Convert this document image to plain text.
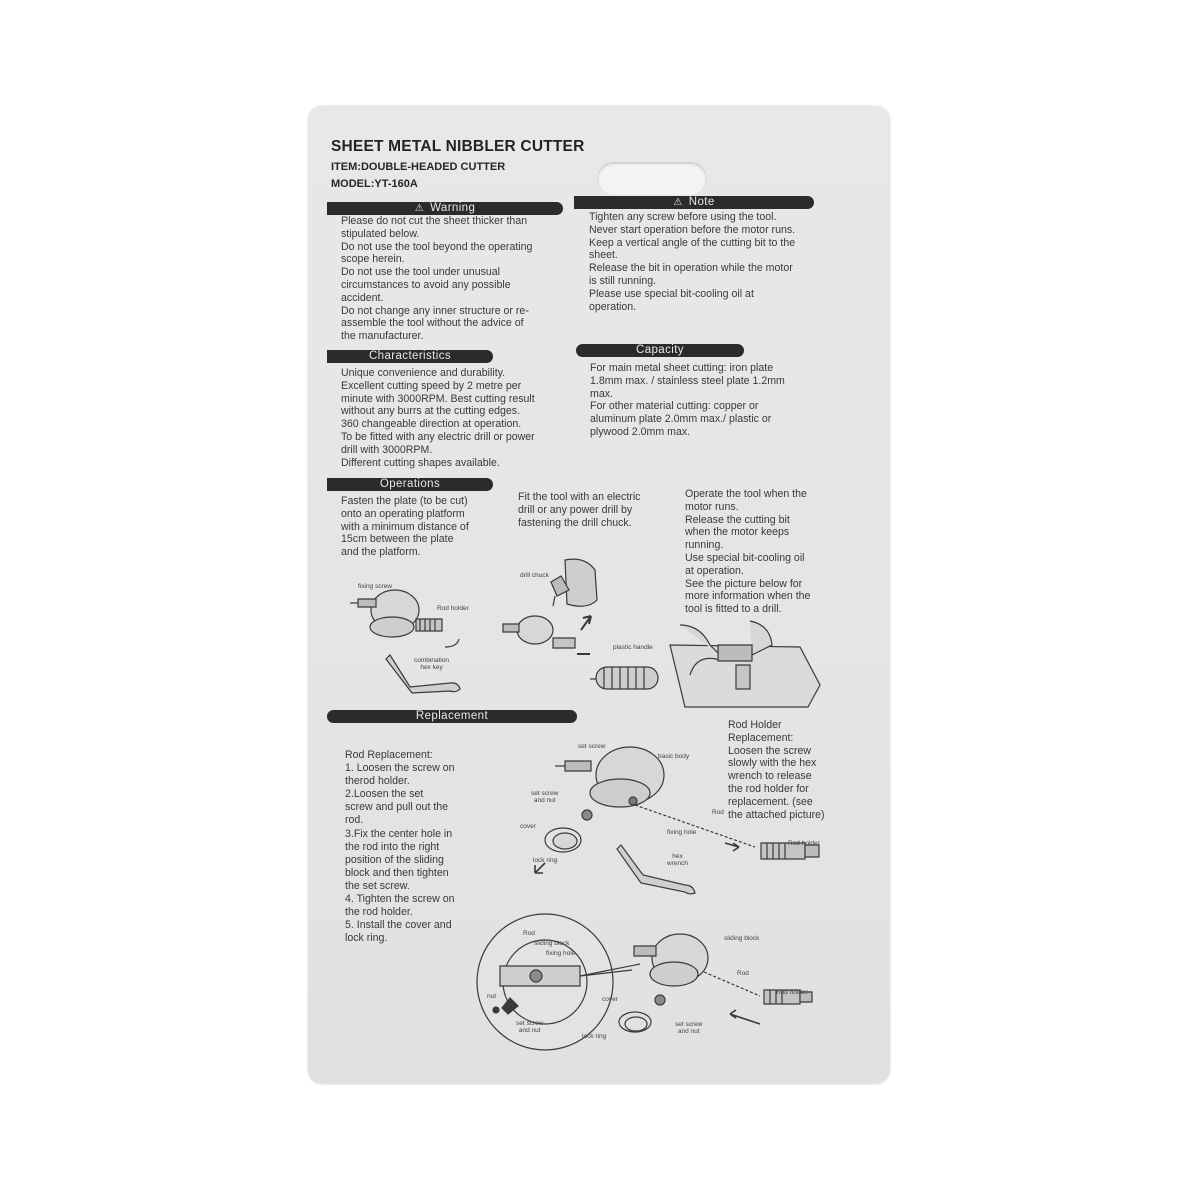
SHEET METAL NIBBLER CUTTER

ITEM:DOUBLE-HEADED CUTTER

MODEL:YT-160A

⚠ Warning

Please do not cut the sheet thicker than
stipulated below.
Do not use the tool beyond the operating
scope herein.
Do not use the tool under unusual
circumstances to avoid any possible
accident.
Do not change any inner structure or re-
assemble the tool without the advice of
the manufacturer.

⚠ Note

Tighten any screw before using the tool.
Never start operation before the motor runs.
Keep a vertical angle of the cutting bit to the
sheet.
Release the bit in operation while the motor
is still running.
Please use special bit-cooling oil at
operation.

Characteristics

Unique convenience and durability.
Excellent cutting speed by 2 metre per
minute with 3000RPM. Best cutting result
without any burrs at the cutting edges.
360 changeable direction at operation.
To be fitted with any electric drill or power
drill with 3000RPM.
Different cutting shapes available.

Capacity

For main metal sheet cutting: iron plate
1.8mm max. / stainless steel plate 1.2mm
max.
For other material cutting: copper or
aluminum plate 2.0mm max./ plastic or
plywood 2.0mm max.

Operations

Fasten the plate (to be cut)
onto an operating platform
with a minimum distance of
15cm between the plate
and the platform.

Fit the tool with an electric
drill or any power drill by
fastening the drill chuck.

Operate the tool when the
motor runs.
Release the cutting bit
when the motor keeps
running.
Use special bit-cooling oil
at operation.
See the picture below for
more information when the
tool is fitted to a drill.

fixing screw
Rod holder
combination
hex key
drill chuck
plastic handle
Replacement

Rod Replacement:
1. Loosen the screw on
therod holder.
2.Loosen the set
screw and pull out the
rod.
3.Fix the center hole in
the rod into the right
position of the sliding
block and then tighten
the set screw.
4. Tighten the screw on
the rod holder.
5. Install the cover and
lock ring.

Rod Holder
Replacement:
Loosen the screw
slowly with the hex
wrench to release
the rod holder for
replacement. (see
the attached picture)

set screw
basic body
set screw
and nut
Rod
cover
fixing hole
Rod holder
lock ring
hex
wrench
Rod
sliding block
fixing hole
nut
set screw
and nut
sliding block
Rod
Rod holder
cover
set screw
and nut
lock ring
